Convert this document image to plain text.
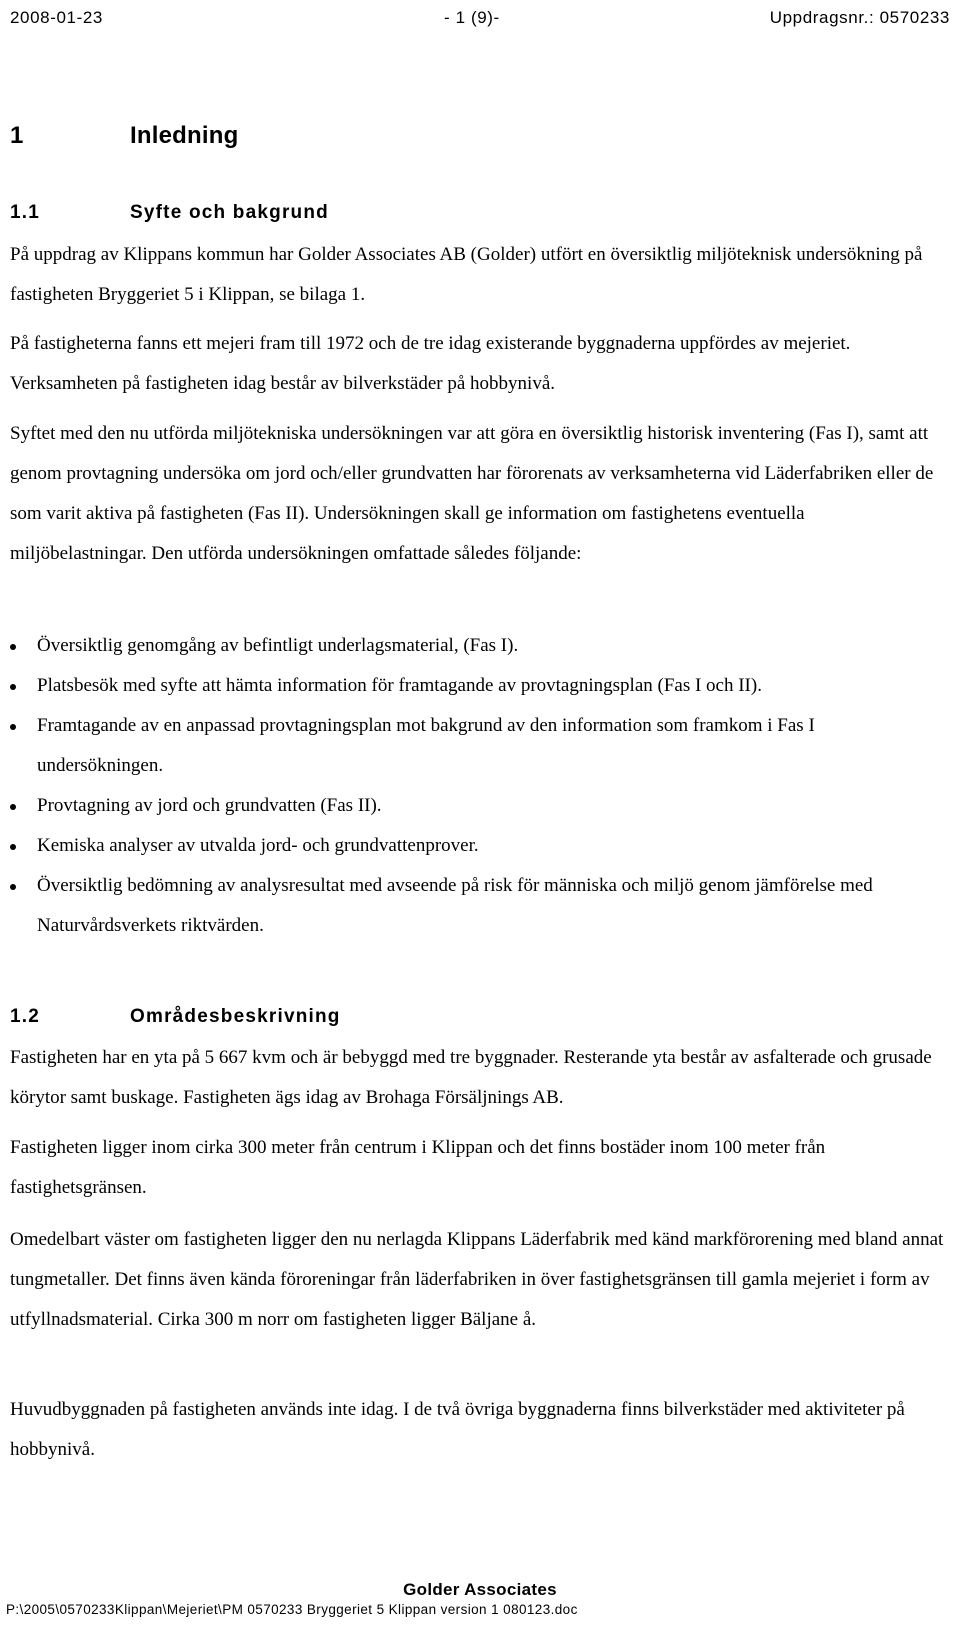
2008-01-23	- 1 (9)-	Uppdragsnr.: 0570233
1	Inledning
1.1	Syfte och bakgrund
På uppdrag av Klippans kommun har Golder Associates AB (Golder) utfört en översiktlig miljöteknisk undersökning på fastigheten Bryggeriet 5 i Klippan, se bilaga 1.
På fastigheterna fanns ett mejeri fram till 1972 och de tre idag existerande byggnaderna uppfördes av mejeriet. Verksamheten på fastigheten idag består av bilverkstäder på hobbynivå.
Syftet med den nu utförda miljötekniska undersökningen var att göra en översiktlig historisk inventering (Fas I), samt att genom provtagning undersöka om jord och/eller grundvatten har förorenats av verksamheterna vid Läderfabriken eller de som varit aktiva på fastigheten (Fas II). Undersökningen skall ge information om fastighetens eventuella miljöbelastningar. Den utförda undersökningen omfattade således följande:
Översiktlig genomgång av befintligt underlagsmaterial, (Fas I).
Platsbesök med syfte att hämta information för framtagande av provtagningsplan (Fas I och II).
Framtagande av en anpassad provtagningsplan mot bakgrund av den information som framkom i Fas I undersökningen.
Provtagning av jord och grundvatten (Fas II).
Kemiska analyser av utvalda jord- och grundvattenprover.
Översiktlig bedömning av analysresultat med avseende på risk för människa och miljö genom jämförelse med Naturvårdsverkets riktvärden.
1.2	Områdesbeskrivning
Fastigheten har en yta på 5 667 kvm och är bebyggd med tre byggnader. Resterande yta består av asfalterade och grusade körytor samt buskage. Fastigheten ägs idag av Brohaga Försäljnings AB.
Fastigheten ligger inom cirka 300 meter från centrum i Klippan och det finns bostäder inom 100 meter från fastighetsgränsen.
Omedelbart väster om fastigheten ligger den nu nerlagda Klippans Läderfabrik med känd markförorening med bland annat tungmetaller. Det finns även kända föroreningar från läderfabriken in över fastighetsgränsen till gamla mejeriet i form av utfyllnadsmaterial. Cirka 300 m norr om fastigheten ligger Bäljane å.
Huvudbyggnaden på fastigheten används inte idag. I de två övriga byggnaderna finns bilverkstäder med aktiviteter på hobbynivå.
Golder Associates
P:\2005\0570233Klippan\Mejeriet\PM 0570233 Bryggeriet 5 Klippan version 1 080123.doc
